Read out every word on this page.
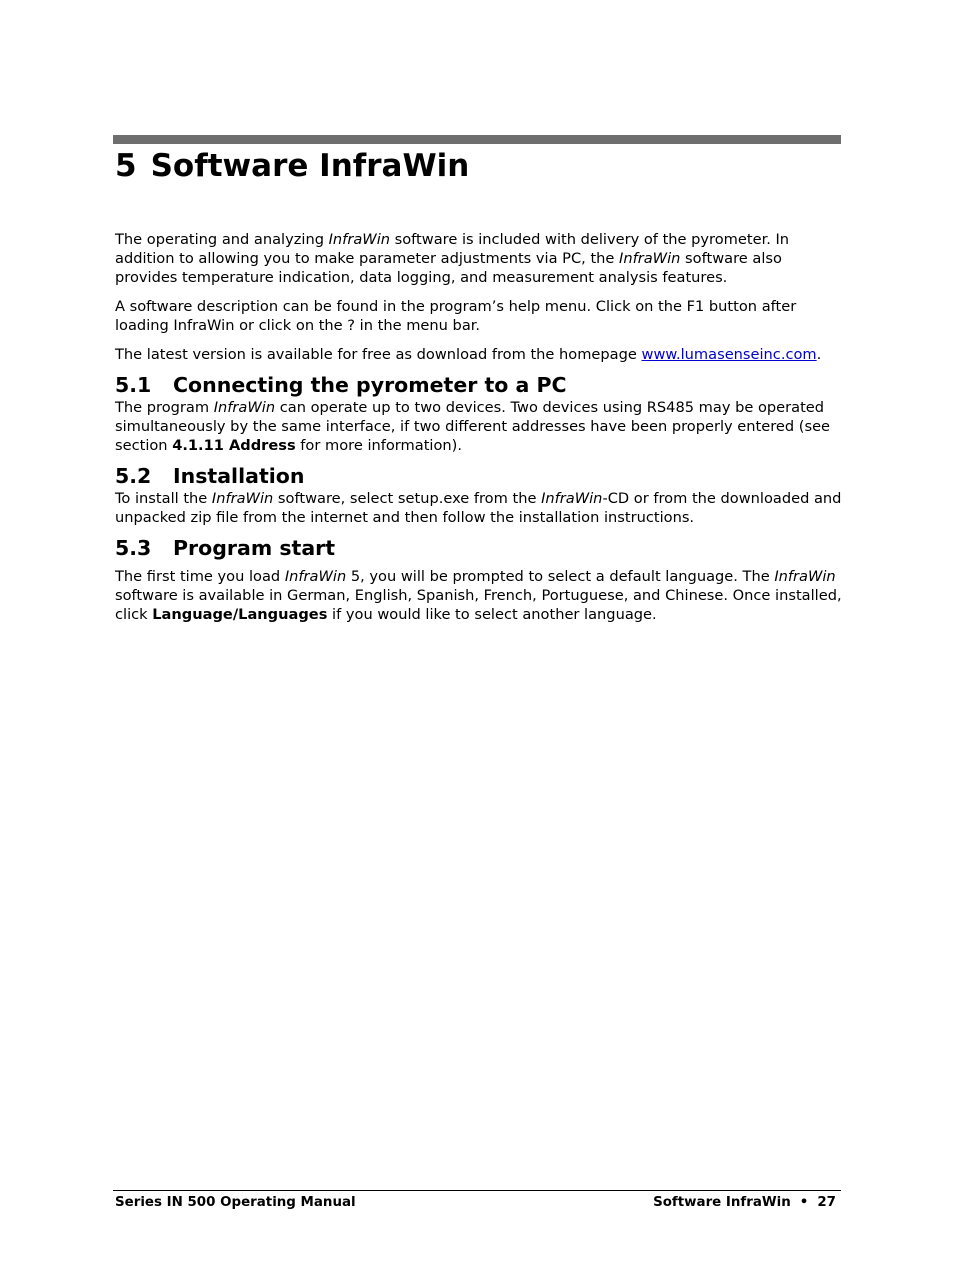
5 Software InfraWin

The operating and analyzing InfraWin software is included with delivery of the pyrometer. In addition to allowing you to make parameter adjustments via PC, the InfraWin software also provides temperature indication, data logging, and measurement analysis features.

A software description can be found in the program’s help menu. Click on the F1 button after loading InfraWin or click on the ? in the menu bar.

The latest version is available for free as download from the homepage www.lumasenseinc.com.

5.1 Connecting the pyrometer to a PC

The program InfraWin can operate up to two devices. Two devices using RS485 may be operated simultaneously by the same interface, if two different addresses have been properly entered (see section 4.1.11 Address for more information).

5.2 Installation

To install the InfraWin software, select setup.exe from the InfraWin-CD or from the downloaded and unpacked zip file from the internet and then follow the installation instructions.

5.3 Program start

The first time you load InfraWin 5, you will be prompted to select a default language. The InfraWin software is available in German, English, Spanish, French, Portuguese, and Chinese. Once installed, click Language/Languages if you would like to select another language.

Series IN 500 Operating Manual	Software InfraWin • 27
